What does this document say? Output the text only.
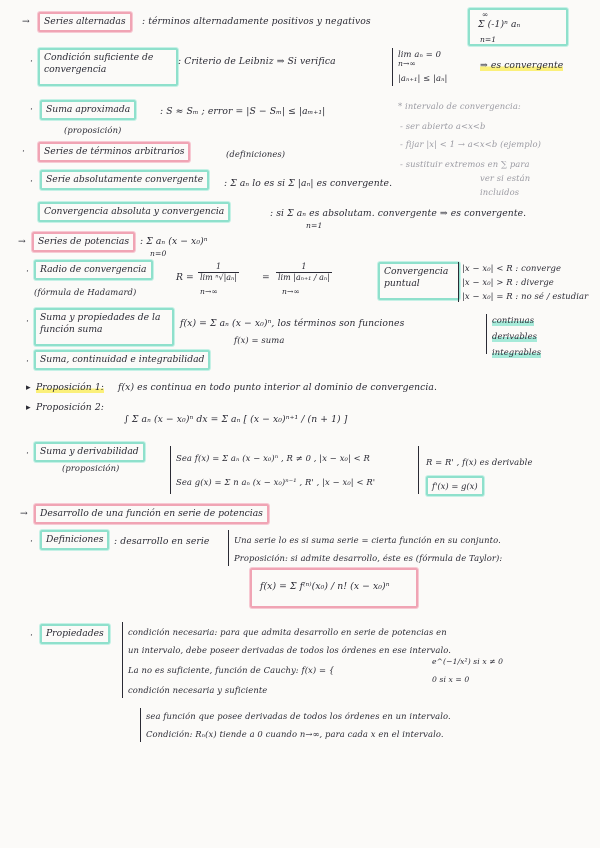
→	Series alternadas	: términos alternadamente positivos y negativos
∞
Σ (-1)ⁿ aₙ
n=1
·	Condición suficiente de convergencia
: Criterio de Leibniz ⇒ Si verifica
lim aₙ = 0
n→∞
|aₙ₊₁| ≤ |aₙ|
⇒ es convergente
·	Suma aproximada	: S ≈ Sₘ ; error = |S − Sₘ| ≤ |aₘ₊₁|
(proposición)
* intervalo de convergencia:
- ser abierto a<x<b
- fijar |x| < 1 → a<x<b (ejemplo)
- sustituir extremos en ∑ para
ver si están
incluidos
·	Series de términos arbitrarios	(definiciones)
·	Serie absolutamente convergente	: Σ aₙ lo es si Σ |aₙ| es convergente.
Convergencia absoluta y convergencia	: si Σ aₙ es absolutam. convergente ⇒ es convergente.
n=1
→	Series de potencias	: Σ aₙ (x − x₀)ⁿ
n=0
·	Radio de convergencia
(fórmula de Hadamard)
$R = \frac{1}{\text{lim ⁿ√|aₙ|}}$
n→∞
= $\frac{1}{\text{lim |aₙ₊₁ / aₙ|}}$
n→∞
Convergencia puntual
|x − x₀| < R : converge
|x − x₀| > R : diverge
|x − x₀| = R : no sé / estudiar
·	Suma y propiedades de la función suma
f(x) = Σ aₙ (x − x₀)ⁿ, los términos son funciones
f(x) = suma
continuas
derivables
integrables
·	Suma, continuidad e integrabilidad
▸ Proposición 1: f(x) es continua en todo punto interior al dominio de convergencia.
▸ Proposición 2:
∫ Σ aₙ (x − x₀)ⁿ dx = Σ aₙ [ (x − x₀)ⁿ⁺¹ / (n + 1) ]
·	Suma y derivabilidad
(proposición)
Sea f(x) = Σ aₙ (x − x₀)ⁿ , R ≠ 0 , |x − x₀| < R
Sea g(x) = Σ n aₙ (x − x₀)ⁿ⁻¹ , R' , |x − x₀| < R'
R = R' , f(x) es derivable
f'(x) = g(x)
→	Desarrollo de una función en serie de potencias
·	Definiciones	: desarrollo en serie	Una serie lo es si suma serie = cierta función en su conjunto.
Proposición: si admite desarrollo, éste es (fórmula de Taylor):
f(x) = Σ f⁽ⁿ⁾(x₀) / n! (x − x₀)ⁿ
·	Propiedades	condición necesaria: para que admita desarrollo en serie de potencias en
un intervalo, debe poseer derivadas de todos los órdenes en ese intervalo.
La no es suficiente, función de Cauchy: f(x) = {
e^(−1/x²) si x ≠ 0
0 si x = 0
condición necesaria y suficiente
sea función que posee derivadas de todos los órdenes en un intervalo.
Condición: Rₙ(x) tiende a 0 cuando n→∞, para cada x en el intervalo.
